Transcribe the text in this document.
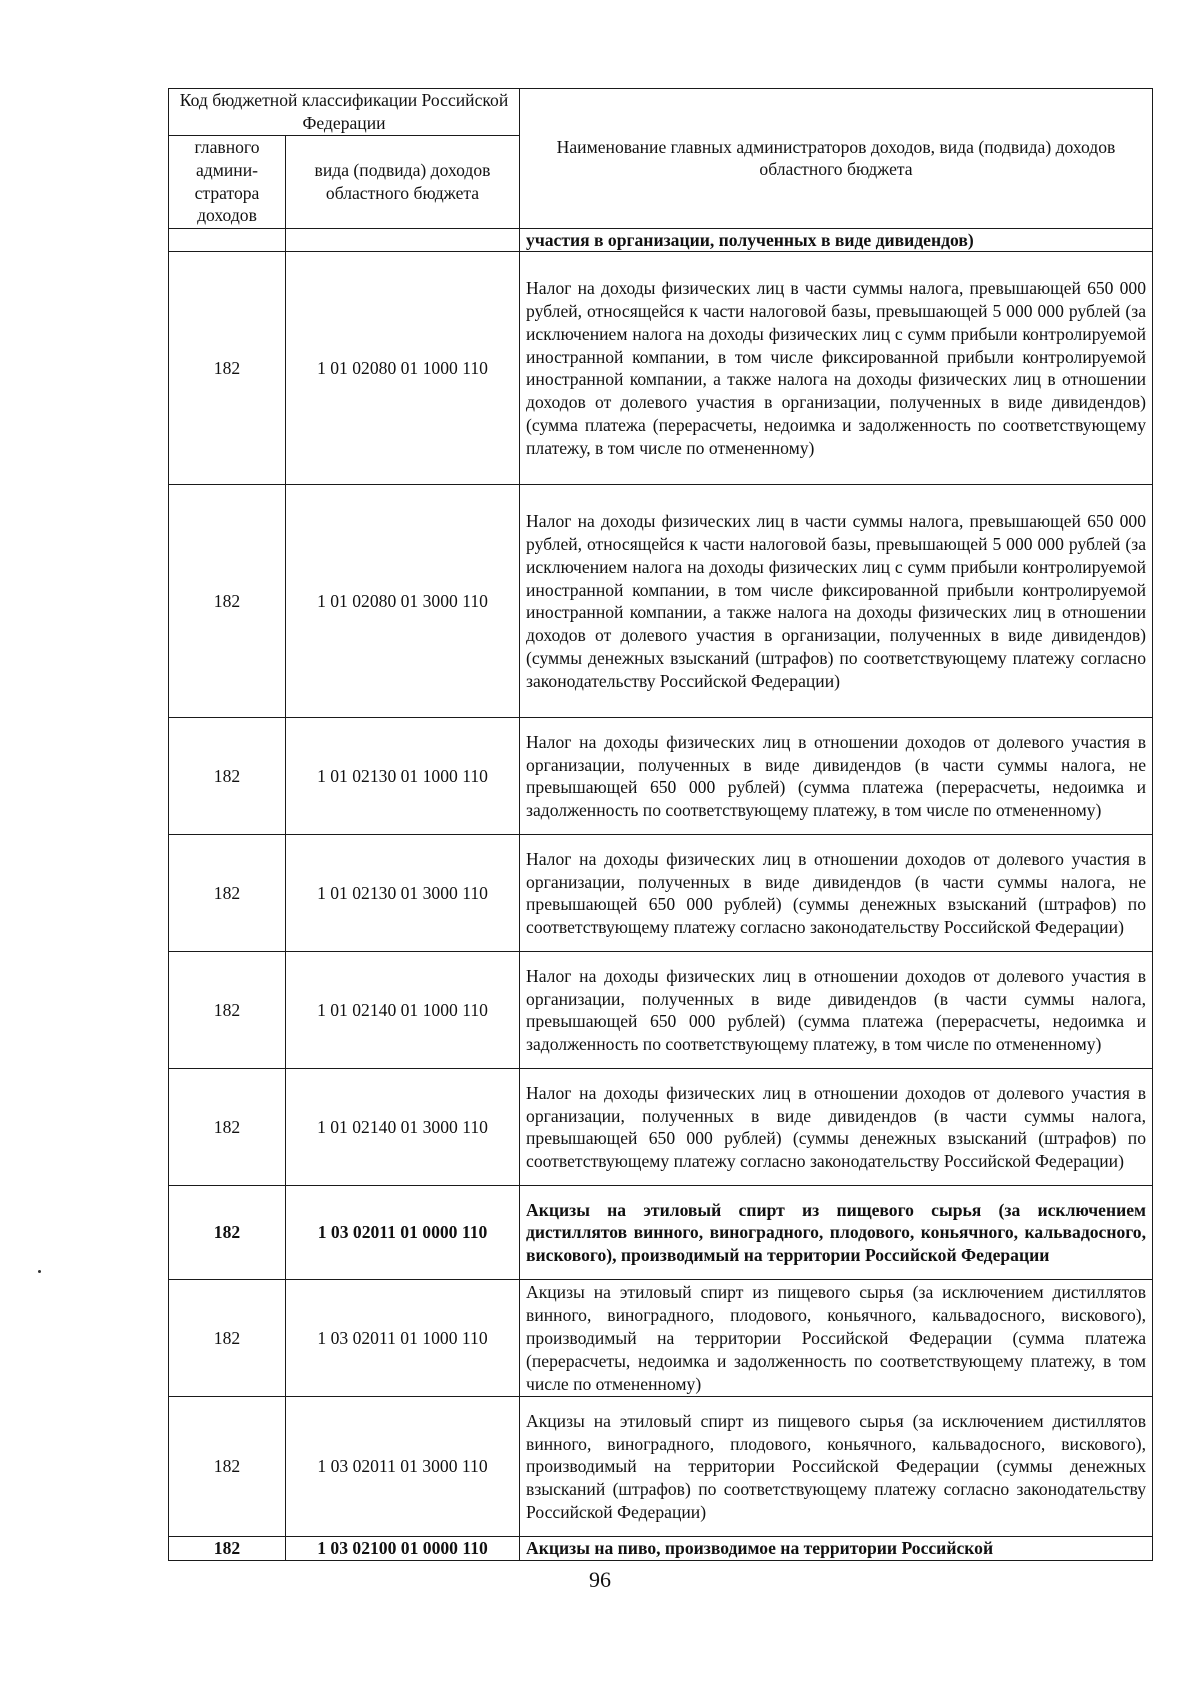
Код бюджетной классификации Российской Федерации		Наименование главных администраторов доходов, вида (подвида) доходов областного бюджета
главного админи-стратора доходов	вида (подвида) доходов областного бюджета	
		участия в организации, полученных в виде дивидендов)
182	1 01 02080 01 1000 110	Налог на доходы физических лиц в части суммы налога, превышающей 650 000 рублей, относящейся к части налоговой базы, превышающей 5 000 000 рублей (за исключением налога на доходы физических лиц с сумм прибыли контролируемой иностранной компании, в том числе фиксированной прибыли контролируемой иностранной компании, а также налога на доходы физических лиц в отношении доходов от долевого участия в организации, полученных в виде дивидендов) (сумма платежа (перерасчеты, недоимка и задолженность по соответствующему платежу, в том числе по отмененному)
182	1 01 02080 01 3000 110	Налог на доходы физических лиц в части суммы налога, превышающей 650 000 рублей, относящейся к части налоговой базы, превышающей 5 000 000 рублей (за исключением налога на доходы физических лиц с сумм прибыли контролируемой иностранной компании, в том числе фиксированной прибыли контролируемой иностранной компании, а также налога на доходы физических лиц в отношении доходов от долевого участия в организации, полученных в виде дивидендов) (суммы денежных взысканий (штрафов) по соответствующему платежу согласно законодательству Российской Федерации)
182	1 01 02130 01 1000 110	Налог на доходы физических лиц в отношении доходов от долевого участия в организации, полученных в виде дивидендов (в части суммы налога, не превышающей 650 000 рублей) (сумма платежа (перерасчеты, недоимка и задолженность по соответствующему платежу, в том числе по отмененному)
182	1 01 02130 01 3000 110	Налог на доходы физических лиц в отношении доходов от долевого участия в организации, полученных в виде дивидендов (в части суммы налога, не превышающей 650 000 рублей) (суммы денежных взысканий (штрафов) по соответствующему платежу согласно законодательству Российской Федерации)
182	1 01 02140 01 1000 110	Налог на доходы физических лиц в отношении доходов от долевого участия в организации, полученных в виде дивидендов (в части суммы налога, превышающей 650 000 рублей) (сумма платежа (перерасчеты, недоимка и задолженность по соответствующему платежу, в том числе по отмененному)
182	1 01 02140 01 3000 110	Налог на доходы физических лиц в отношении доходов от долевого участия в организации, полученных в виде дивидендов (в части суммы налога, превышающей 650 000 рублей) (суммы денежных взысканий (штрафов) по соответствующему платежу согласно законодательству Российской Федерации)
182	1 03 02011 01 0000 110	Акцизы на этиловый спирт из пищевого сырья (за исключением дистиллятов винного, виноградного, плодового, коньячного, кальвадосного, вискового), производимый на территории Российской Федерации
182	1 03 02011 01 1000 110	Акцизы на этиловый спирт из пищевого сырья (за исключением дистиллятов винного, виноградного, плодового, коньячного, кальвадосного, вискового), производимый на территории Российской Федерации (сумма платежа (перерасчеты, недоимка и задолженность по соответствующему платежу, в том числе по отмененному)
182	1 03 02011 01 3000 110	Акцизы на этиловый спирт из пищевого сырья (за исключением дистиллятов винного, виноградного, плодового, коньячного, кальвадосного, вискового), производимый на территории Российской Федерации (суммы денежных взысканий (штрафов) по соответствующему платежу согласно законодательству Российской Федерации)
182	1 03 02100 01 0000 110	Акцизы на пиво, производимое на территории Российской
96
